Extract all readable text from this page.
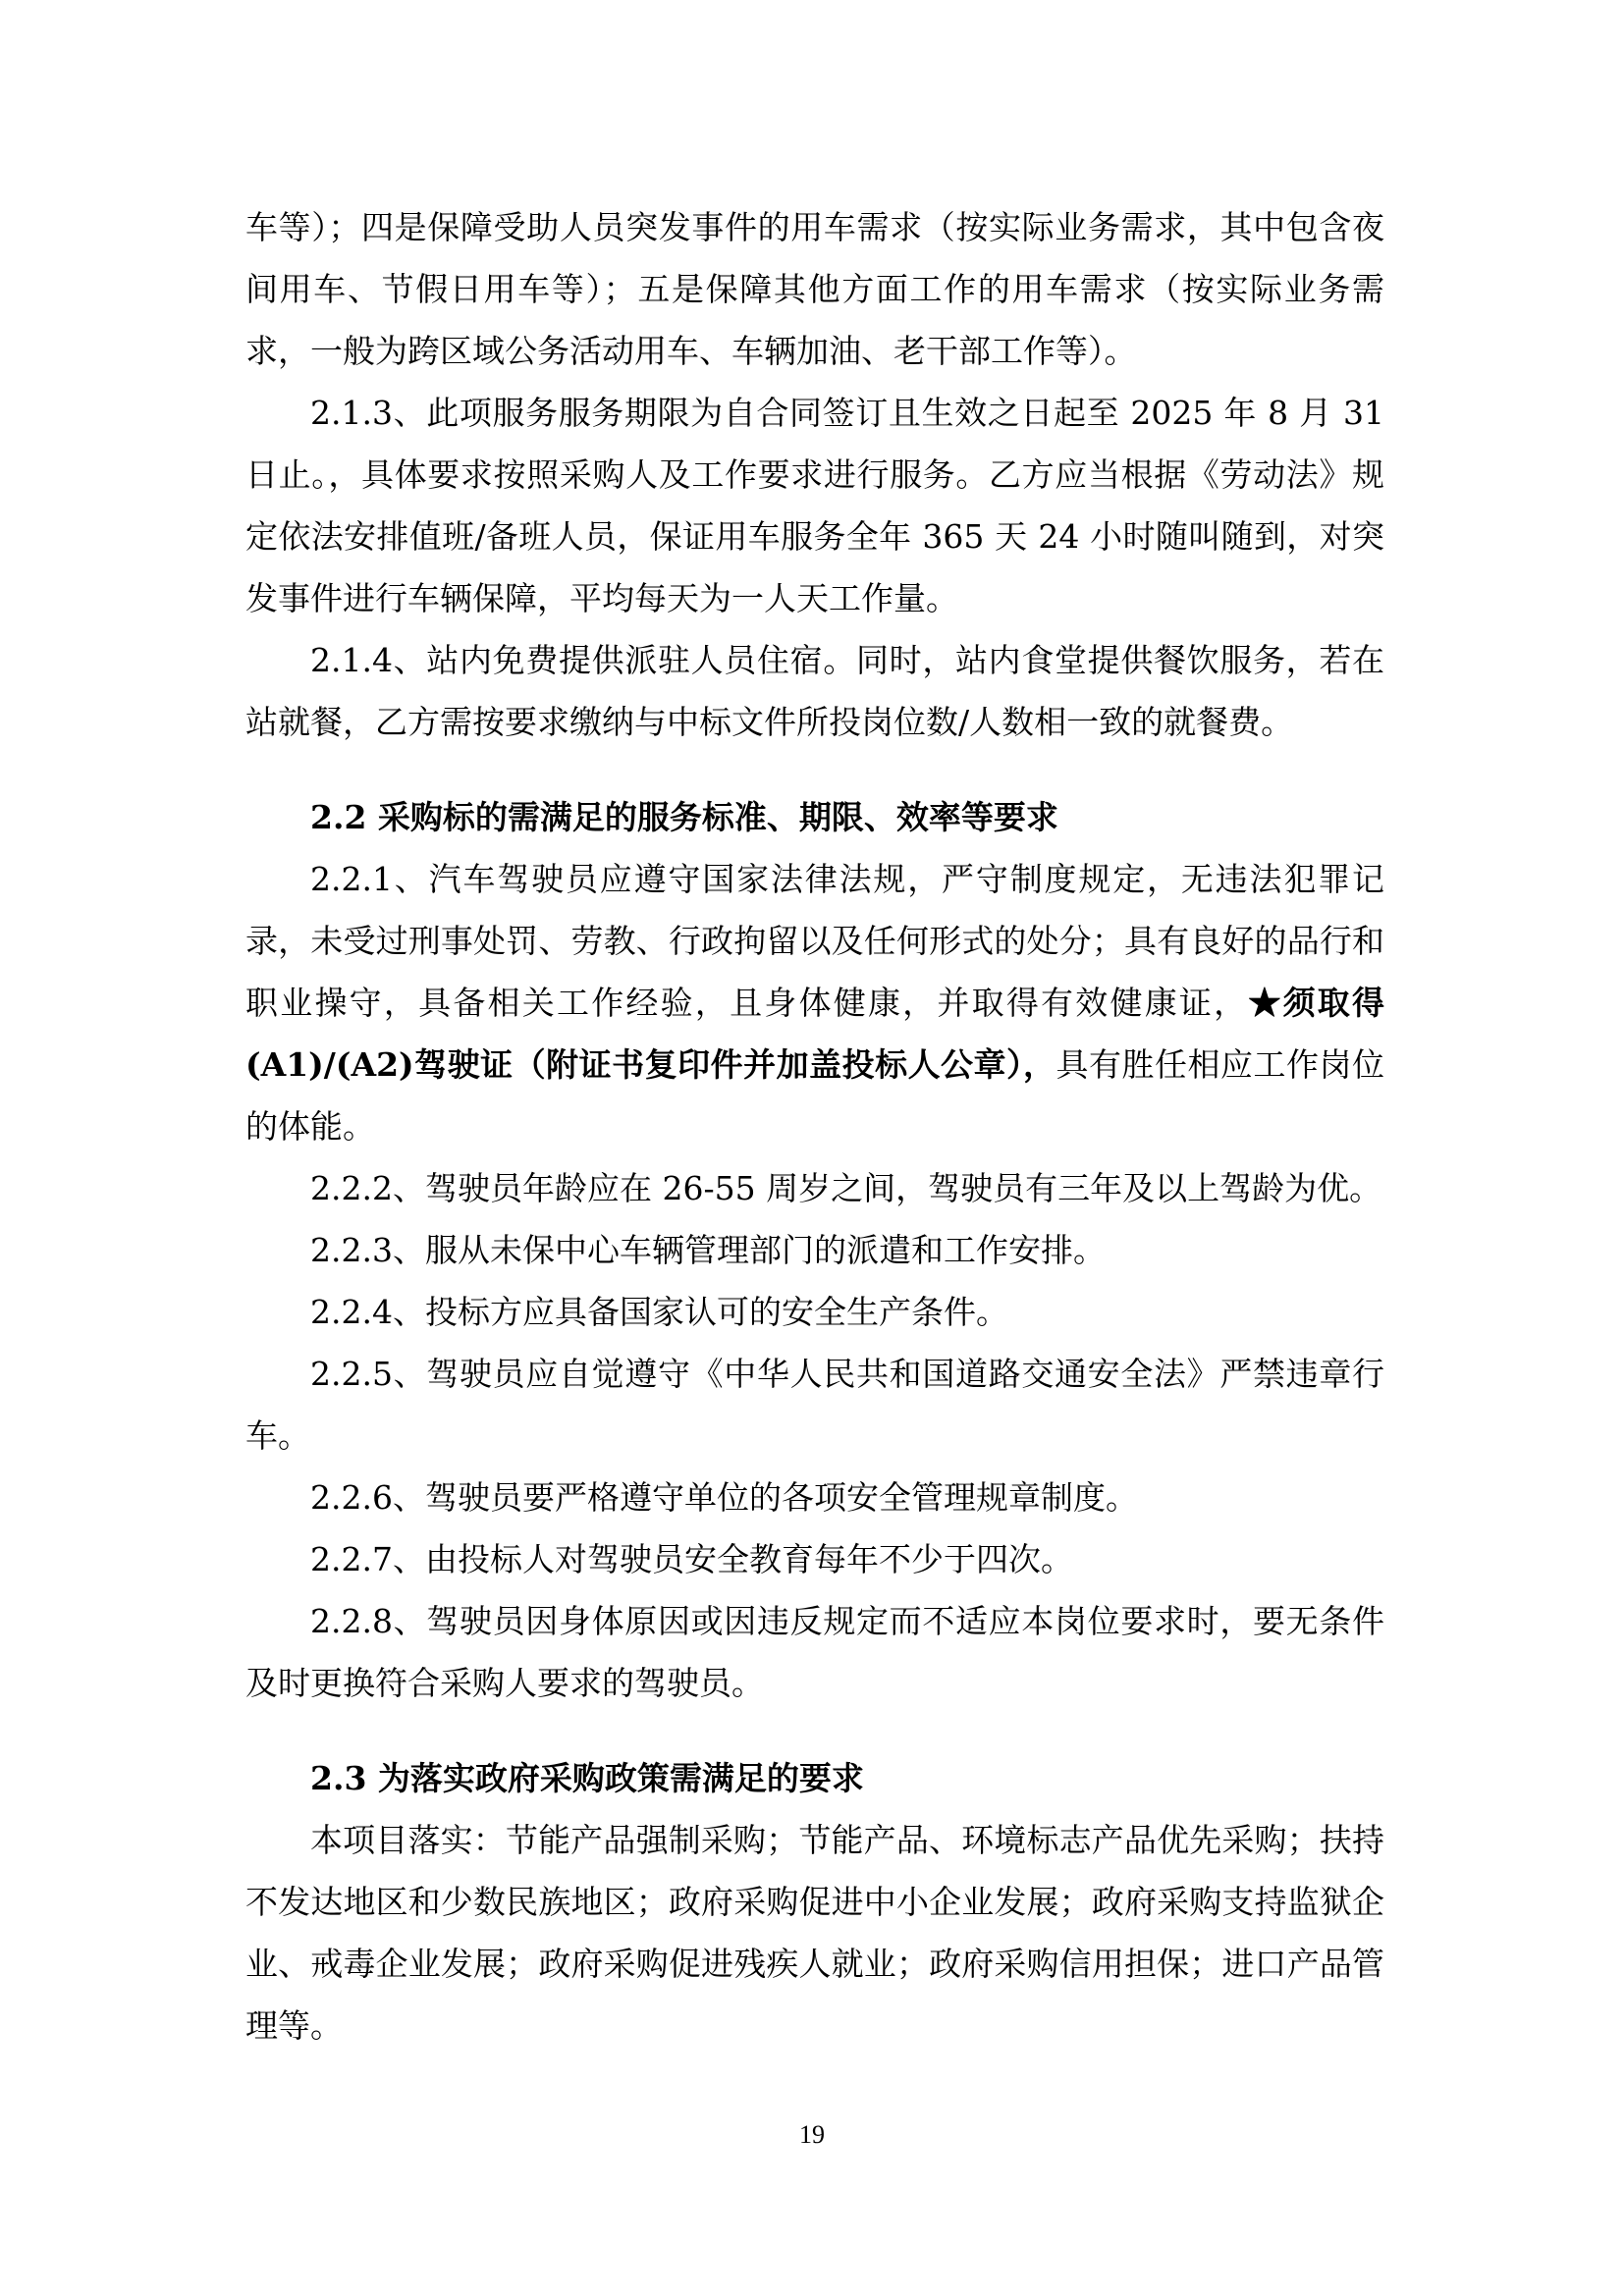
车等）；四是保障受助人员突发事件的用车需求（按实际业务需求，其中包含夜间用车、节假日用车等）；五是保障其他方面工作的用车需求（按实际业务需求，一般为跨区域公务活动用车、车辆加油、老干部工作等）。

2.1.3、此项服务服务期限为自合同签订且生效之日起至 2025 年 8 月 31 日止。，具体要求按照采购人及工作要求进行服务。乙方应当根据《劳动法》规定依法安排值班/备班人员，保证用车服务全年 365 天 24 小时随叫随到，对突发事件进行车辆保障，平均每天为一人天工作量。

2.1.4、站内免费提供派驻人员住宿。同时，站内食堂提供餐饮服务，若在站就餐，乙方需按要求缴纳与中标文件所投岗位数/人数相一致的就餐费。

2.2 采购标的需满足的服务标准、期限、效率等要求

2.2.1、汽车驾驶员应遵守国家法律法规，严守制度规定，无违法犯罪记录，未受过刑事处罚、劳教、行政拘留以及任何形式的处分；具有良好的品行和职业操守，具备相关工作经验，且身体健康，并取得有效健康证，★须取得(A1)/(A2)驾驶证（附证书复印件并加盖投标人公章），具有胜任相应工作岗位的体能。

2.2.2、驾驶员年龄应在 26-55 周岁之间，驾驶员有三年及以上驾龄为优。

2.2.3、服从未保中心车辆管理部门的派遣和工作安排。

2.2.4、投标方应具备国家认可的安全生产条件。

2.2.5、驾驶员应自觉遵守《中华人民共和国道路交通安全法》严禁违章行车。

2.2.6、驾驶员要严格遵守单位的各项安全管理规章制度。

2.2.7、由投标人对驾驶员安全教育每年不少于四次。

2.2.8、驾驶员因身体原因或因违反规定而不适应本岗位要求时，要无条件及时更换符合采购人要求的驾驶员。

2.3 为落实政府采购政策需满足的要求

本项目落实：节能产品强制采购；节能产品、环境标志产品优先采购；扶持不发达地区和少数民族地区；政府采购促进中小企业发展；政府采购支持监狱企业、戒毒企业发展；政府采购促进残疾人就业；政府采购信用担保；进口产品管理等。

19
